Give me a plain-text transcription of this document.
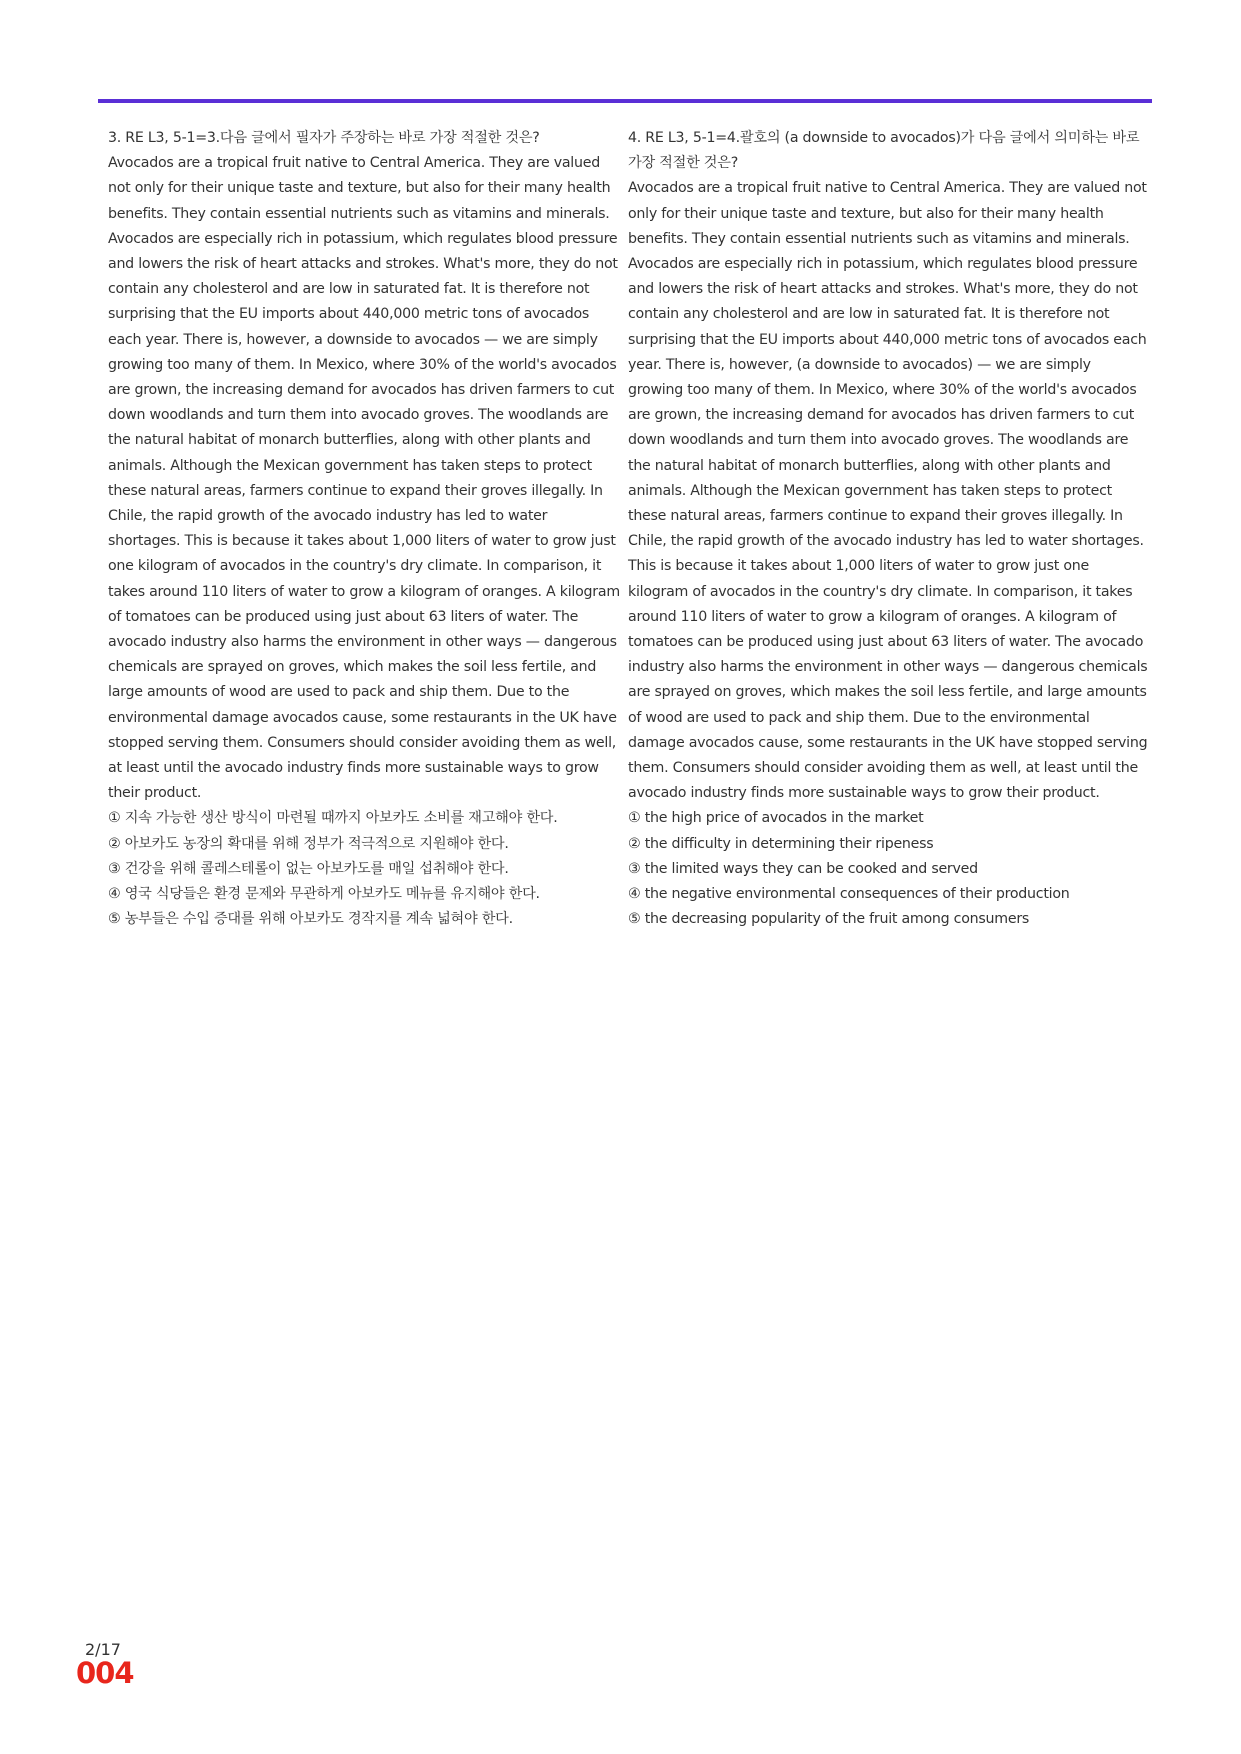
3. RE L3, 5-1=3.다음 글에서 필자가 주장하는 바로 가장 적절한 것은?

Avocados are a tropical fruit native to Central America. They are valued not only for their unique taste and texture, but also for their many health benefits. They contain essential nutrients such as vitamins and minerals. Avocados are especially rich in potassium, which regulates blood pressure and lowers the risk of heart attacks and strokes. What's more, they do not contain any cholesterol and are low in saturated fat. It is therefore not surprising that the EU imports about 440,000 metric tons of avocados each year. There is, however, a downside to avocados — we are simply growing too many of them. In Mexico, where 30% of the world's avocados are grown, the increasing demand for avocados has driven farmers to cut down woodlands and turn them into avocado groves. The woodlands are the natural habitat of monarch butterflies, along with other plants and animals. Although the Mexican government has taken steps to protect these natural areas, farmers continue to expand their groves illegally. In Chile, the rapid growth of the avocado industry has led to water shortages. This is because it takes about 1,000 liters of water to grow just one kilogram of avocados in the country's dry climate. In comparison, it takes around 110 liters of water to grow a kilogram of oranges. A kilogram of tomatoes can be produced using just about 63 liters of water. The avocado industry also harms the environment in other ways — dangerous chemicals are sprayed on groves, which makes the soil less fertile, and large amounts of wood are used to pack and ship them. Due to the environmental damage avocados cause, some restaurants in the UK have stopped serving them. Consumers should consider avoiding them as well, at least until the avocado industry finds more sustainable ways to grow their product.

① 지속 가능한 생산 방식이 마련될 때까지 아보카도 소비를 재고해야 한다.
② 아보카도 농장의 확대를 위해 정부가 적극적으로 지원해야 한다.
③ 건강을 위해 콜레스테롤이 없는 아보카도를 매일 섭취해야 한다.
④ 영국 식당들은 환경 문제와 무관하게 아보카도 메뉴를 유지해야 한다.
⑤ 농부들은 수입 증대를 위해 아보카도 경작지를 계속 넓혀야 한다.

4. RE L3, 5-1=4.괄호의 (a downside to avocados)가 다음 글에서 의미하는 바로 가장 적절한 것은?

Avocados are a tropical fruit native to Central America. They are valued not only for their unique taste and texture, but also for their many health benefits. They contain essential nutrients such as vitamins and minerals. Avocados are especially rich in potassium, which regulates blood pressure and lowers the risk of heart attacks and strokes. What's more, they do not contain any cholesterol and are low in saturated fat. It is therefore not surprising that the EU imports about 440,000 metric tons of avocados each year. There is, however, (a downside to avocados) — we are simply growing too many of them. In Mexico, where 30% of the world's avocados are grown, the increasing demand for avocados has driven farmers to cut down woodlands and turn them into avocado groves. The woodlands are the natural habitat of monarch butterflies, along with other plants and animals. Although the Mexican government has taken steps to protect these natural areas, farmers continue to expand their groves illegally. In Chile, the rapid growth of the avocado industry has led to water shortages. This is because it takes about 1,000 liters of water to grow just one kilogram of avocados in the country's dry climate. In comparison, it takes around 110 liters of water to grow a kilogram of oranges. A kilogram of tomatoes can be produced using just about 63 liters of water. The avocado industry also harms the environment in other ways — dangerous chemicals are sprayed on groves, which makes the soil less fertile, and large amounts of wood are used to pack and ship them. Due to the environmental damage avocados cause, some restaurants in the UK have stopped serving them. Consumers should consider avoiding them as well, at least until the avocado industry finds more sustainable ways to grow their product.

① the high price of avocados in the market
② the difficulty in determining their ripeness
③ the limited ways they can be cooked and served
④ the negative environmental consequences of their production
⑤ the decreasing popularity of the fruit among consumers
2/17
004
